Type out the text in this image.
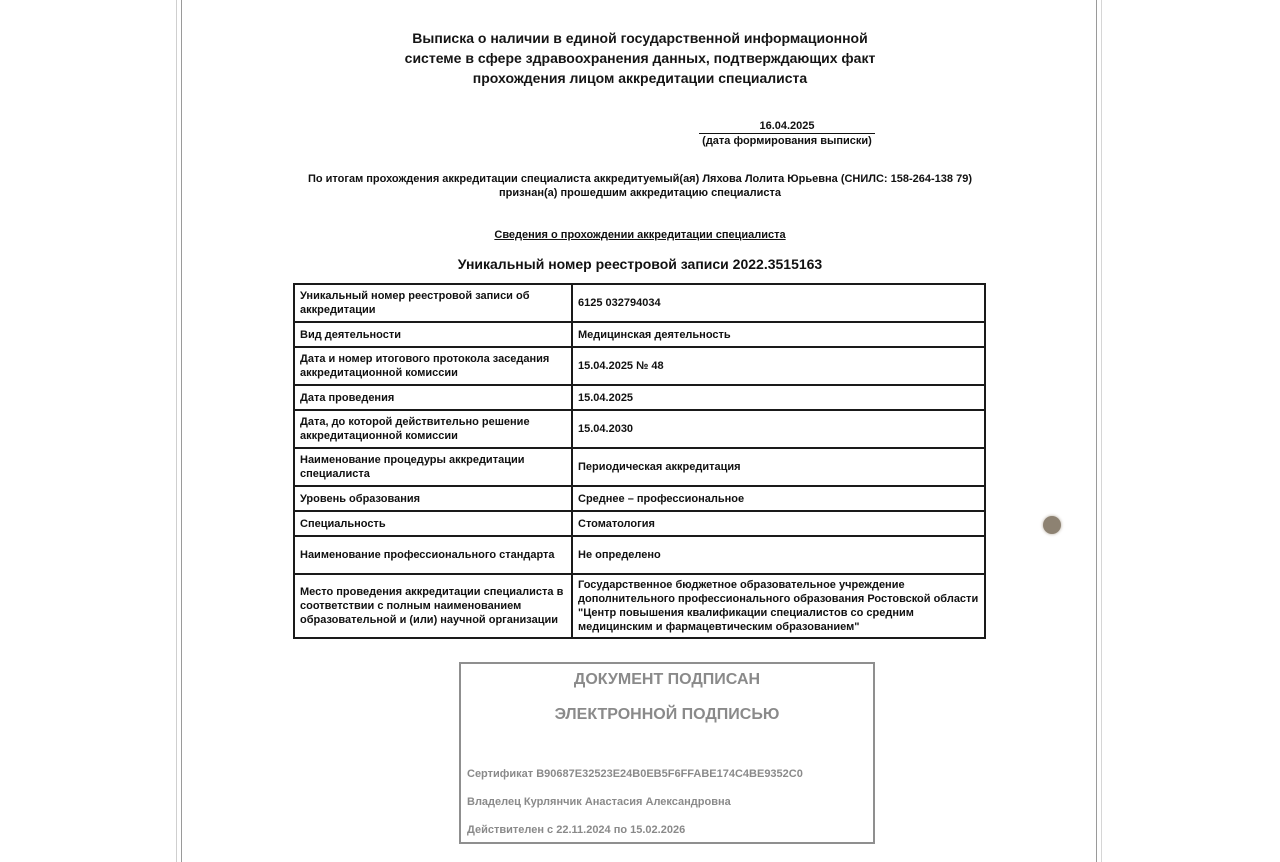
Выписка о наличии в единой государственной информационной
системе в сфере здравоохранения данных, подтверждающих факт
прохождения лицом аккредитации специалиста
16.04.2025
(дата формирования выписки)
По итогам прохождения аккредитации специалиста аккредитуемый(ая) Ляхова Лолита Юрьевна (СНИЛС: 158-264-138 79) признан(а) прошедшим аккредитацию специалиста
Сведения о прохождении аккредитации специалиста
Уникальный номер реестровой записи 2022.3515163
Уникальный номер реестровой записи об аккредитации	6125 032794034
Вид деятельности	Медицинская деятельность
Дата и номер итогового протокола заседания аккредитационной комиссии	15.04.2025 № 48
Дата проведения	15.04.2025
Дата, до которой действительно решение аккредитационной комиссии	15.04.2030
Наименование процедуры аккредитации специалиста	Периодическая аккредитация
Уровень образования	Среднее – профессиональное
Специальность	Стоматология
Наименование профессионального стандарта	Не определено
Место проведения аккредитации специалиста в соответствии с полным наименованием образовательной и (или) научной организации	Государственное бюджетное образовательное учреждение дополнительного профессионального образования Ростовской области "Центр повышения квалификации специалистов со средним медицинским и фармацевтическим образованием"
ДОКУМЕНТ ПОДПИСАН
ЭЛЕКТРОННОЙ ПОДПИСЬЮ
Сертификат B90687E32523E24B0EB5F6FFABE174C4BE9352C0
Владелец Курлянчик Анастасия Александровна
Действителен с 22.11.2024 по 15.02.2026
